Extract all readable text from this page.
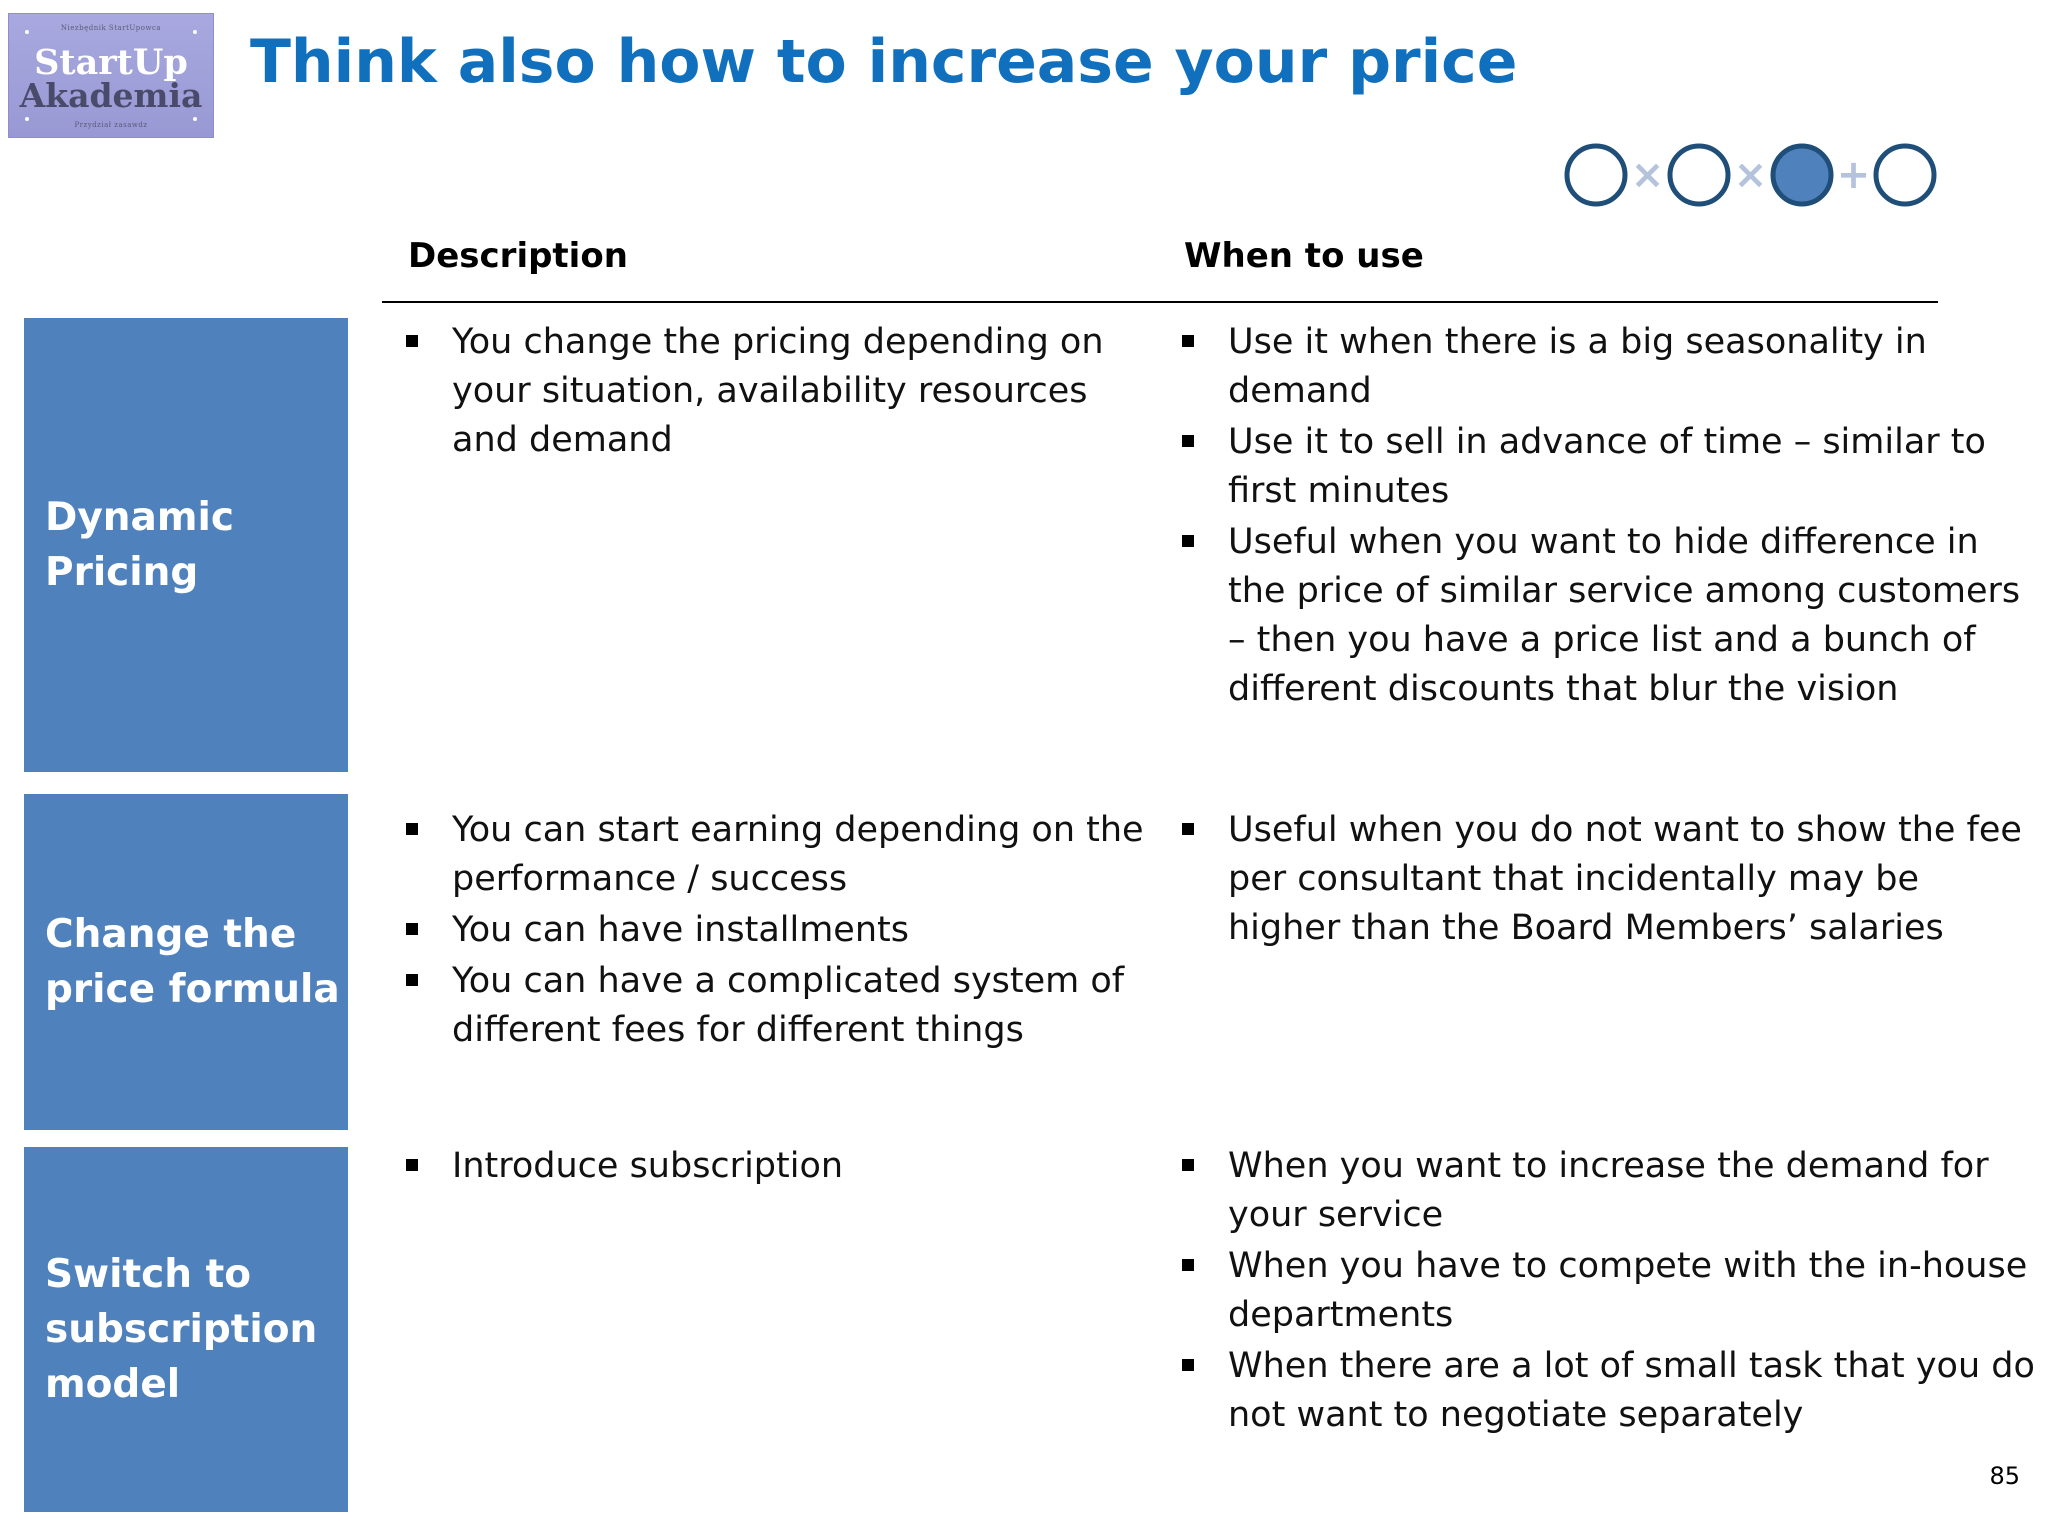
Niezbędnik StartUpowca
StartUp
Akademia
Przydział zasawdz
Think also how to increase your price
× × +
Description	When to use
Dynamic
Pricing
You change the pricing depending on your situation, availability resources and demand
Use it when there is a big seasonality in demand
Use it to sell in advance of time – similar to first minutes
Useful when you want to hide difference in the price of similar service among customers – then you have a price list and a bunch of different discounts that blur the vision
Change the
price formula
You can start earning depending on the performance / success
You can have installments
You can have a complicated system of different fees for different things
Useful when you do not want to show the fee per consultant that incidentally may be higher than the Board Members’ salaries
Switch to
subscription
model
Introduce subscription	When you want to increase the demand for your service
When you have to compete with the in-house departments
When there are a lot of small task that you do not want to negotiate separately
85
